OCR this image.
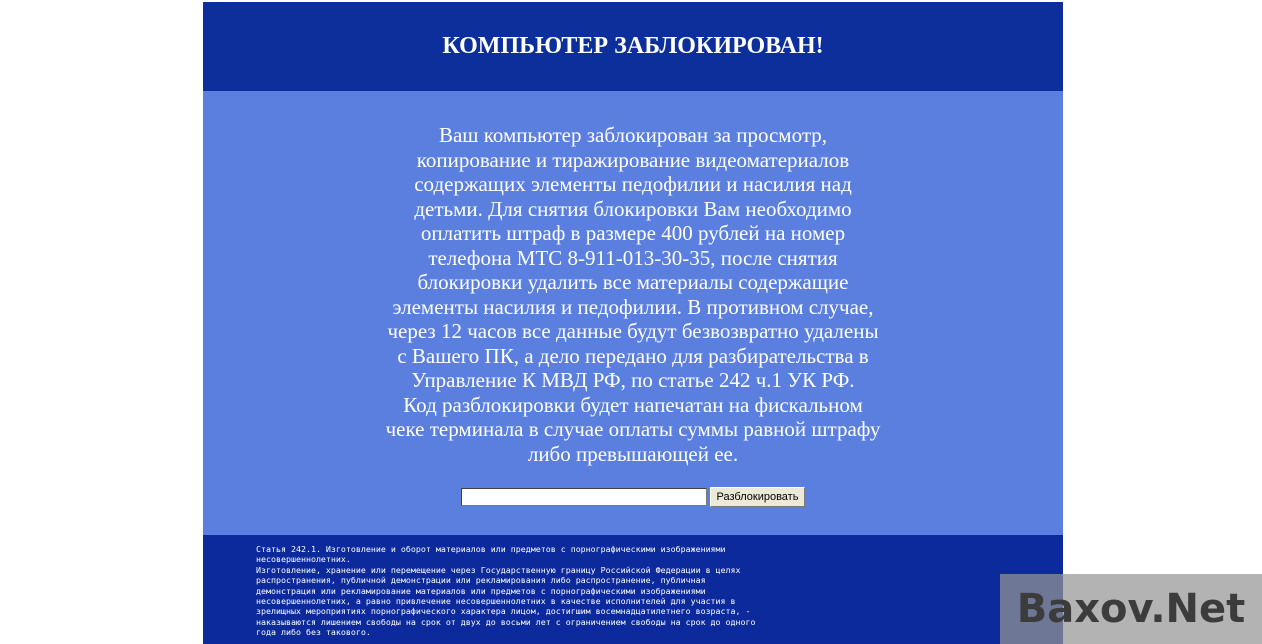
КОМПЬЮТЕР ЗАБЛОКИРОВАН!
Ваш компьютер заблокирован за просмотр,
копирование и тиражирование видеоматериалов
содержащих элементы педофилии и насилия над
детьми. Для снятия блокировки Вам необходимо
оплатить штраф в размере 400 рублей на номер
телефона МТС 8-911-013-30-35, после снятия
блокировки удалить все материалы содержащие
элементы насилия и педофилии. В противном случае,
через 12 часов все данные будут безвозвратно удалены
с Вашего ПК, а дело передано для разбирательства в
Управление К МВД РФ, по статье 242 ч.1 УК РФ.
Код разблокировки будет напечатан на фискальном
чеке терминала в случае оплаты суммы равной штрафу
либо превышающей ее.
Разблокировать
Статья 242.1. Изготовление и оборот материалов или предметов с порнографическими изображениями
несовершеннолетних.
Изготовление, хранение или перемещение через Государственную границу Российской Федерации в целях
распространения, публичной демонстрации или рекламирования либо распространение, публичная
демонстрация или рекламирование материалов или предметов с порнографическими изображениями
несовершеннолетних, а равно привлечение несовершеннолетних в качестве исполнителей для участия в
зрелищных мероприятиях порнографического характера лицом, достигшим восемнадцатилетнего возраста, -
наказываются лишением свободы на срок от двух до восьми лет с ограничением свободы на срок до одного
года либо без такового.
Baxov.Net
